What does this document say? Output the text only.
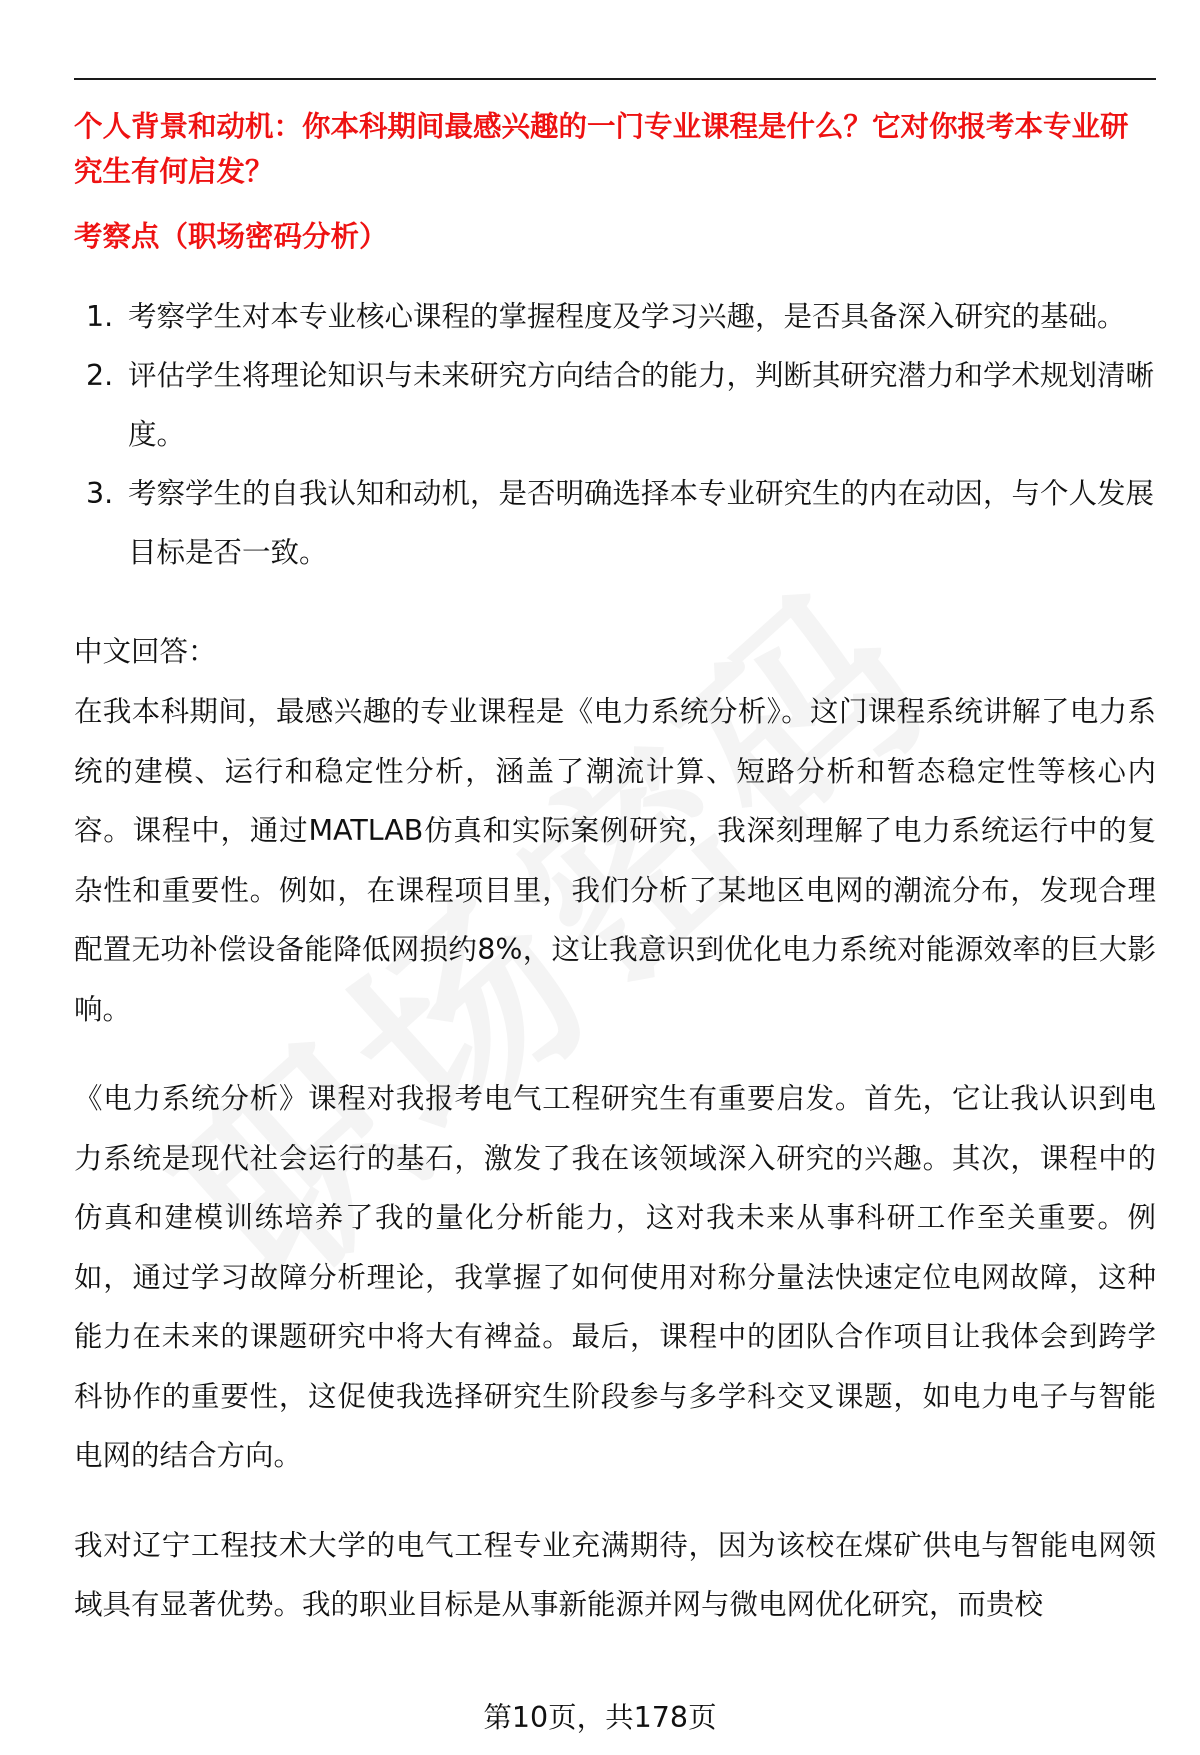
个人背景和动机：你本科期间最感兴趣的一门专业课程是什么？它对你报考本专业研究生有何启发？

考察点（职场密码分析）

1. 考察学生对本专业核心课程的掌握程度及学习兴趣，是否具备深入研究的基础。
2. 评估学生将理论知识与未来研究方向结合的能力，判断其研究潜力和学术规划清晰度。
3. 考察学生的自我认知和动机，是否明确选择本专业研究生的内在动因，与个人发展目标是否一致。

中文回答：

在我本科期间，最感兴趣的专业课程是《电力系统分析》。这门课程系统讲解了电力系统的建模、运行和稳定性分析，涵盖了潮流计算、短路分析和暂态稳定性等核心内容。课程中，通过MATLAB仿真和实际案例研究，我深刻理解了电力系统运行中的复杂性和重要性。例如，在课程项目里，我们分析了某地区电网的潮流分布，发现合理配置无功补偿设备能降低网损约8%，这让我意识到优化电力系统对能源效率的巨大影响。

《电力系统分析》课程对我报考电气工程研究生有重要启发。首先，它让我认识到电力系统是现代社会运行的基石，激发了我在该领域深入研究的兴趣。其次，课程中的仿真和建模训练培养了我的量化分析能力，这对我未来从事科研工作至关重要。例如，通过学习故障分析理论，我掌握了如何使用对称分量法快速定位电网故障，这种能力在未来的课题研究中将大有裨益。最后，课程中的团队合作项目让我体会到跨学科协作的重要性，这促使我选择研究生阶段参与多学科交叉课题，如电力电子与智能电网的结合方向。

我对辽宁工程技术大学的电气工程专业充满期待，因为该校在煤矿供电与智能电网领域具有显著优势。我的职业目标是从事新能源并网与微电网优化研究，而贵校

第10页，共178页
